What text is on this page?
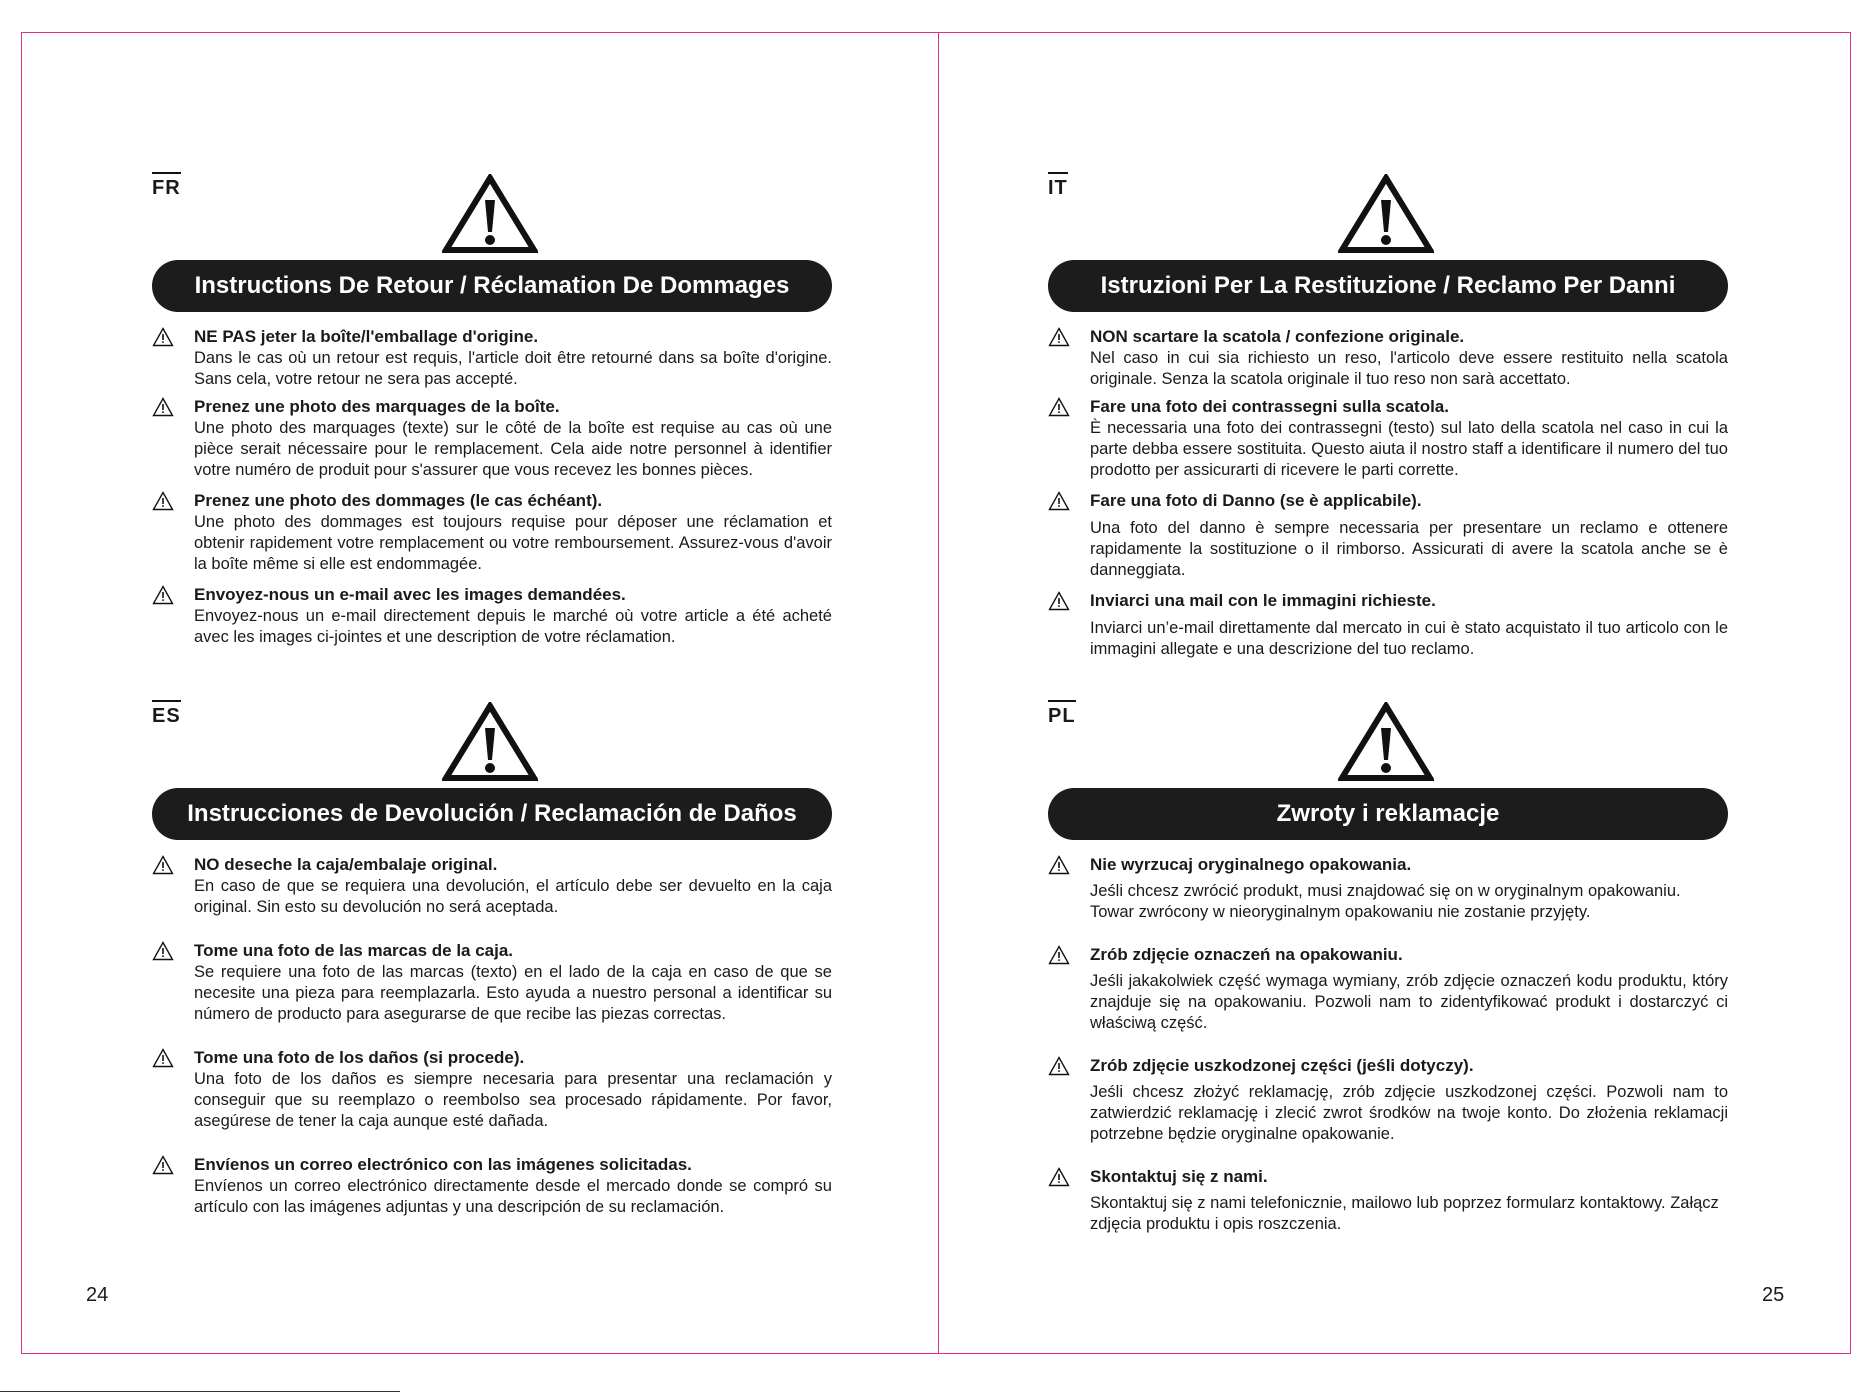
FR
Instructions De Retour / Réclamation De Dommages
NE PAS jeter la boîte/l'emballage d'origine.

Dans le cas où un retour est requis, l'article doit être retourné dans sa boîte d'origine. Sans cela, votre retour ne sera pas accepté.

Prenez une photo des marquages de la boîte.

Une photo des marquages (texte) sur le côté de la boîte est requise au cas où une pièce serait nécessaire pour le remplacement. Cela aide notre personnel à identifier votre numéro de produit pour s'assurer que vous recevez les bonnes pièces.

Prenez une photo des dommages (le cas échéant).

Une photo des dommages est toujours requise pour déposer une réclamation et obtenir rapidement votre remplacement ou votre remboursement. Assurez-vous d'avoir la boîte même si elle est endommagée.

Envoyez-nous un e-mail avec les images demandées.

Envoyez-nous un e-mail directement depuis le marché où votre article a été acheté avec les images ci-jointes et une description de votre réclamation.

ES
Instrucciones de Devolución / Reclamación de Daños
NO deseche la caja/embalaje original.

En caso de que se requiera una devolución, el artículo debe ser devuelto en la caja original. Sin esto su devolución no será aceptada.

Tome una foto de las marcas de la caja.

Se requiere una foto de las marcas (texto) en el lado de la caja en caso de que se necesite una pieza para reemplazarla. Esto ayuda a nuestro personal a identificar su número de producto para asegurarse de que recibe las piezas correctas.

Tome una foto de los daños (si procede).

Una foto de los daños es siempre necesaria para presentar una reclamación y conseguir que su reemplazo o reembolso sea procesado rápidamente. Por favor, asegúrese de tener la caja aunque esté dañada.

Envíenos un correo electrónico con las imágenes solicitadas.

Envíenos un correo electrónico directamente desde el mercado donde se compró su artículo con las imágenes adjuntas y una descripción de su reclamación.

IT
Istruzioni Per La Restituzione / Reclamo Per Danni
NON scartare la scatola / confezione originale.

Nel caso in cui sia richiesto un reso, l'articolo deve essere restituito nella scatola originale. Senza la scatola originale il tuo reso non sarà accettato.

Fare una foto dei contrassegni sulla scatola.

È necessaria una foto dei contrassegni (testo) sul lato della scatola nel caso in cui la parte debba essere sostituita. Questo aiuta il nostro staff a identificare il numero del tuo prodotto per assicurarti di ricevere le parti corrette.

Fare una foto di Danno (se è applicabile).

Una foto del danno è sempre necessaria per presentare un reclamo e ottenere rapidamente la sostituzione o il rimborso. Assicurati di avere la scatola anche se è danneggiata.

Inviarci una mail con le immagini richieste.

Inviarci un’e-mail direttamente dal mercato in cui è stato acquistato il tuo articolo con le immagini allegate e una descrizione del tuo reclamo.

PL
Zwroty i reklamacje
Nie wyrzucaj oryginalnego opakowania.

Jeśli chcesz zwrócić produkt, musi znajdować się on w oryginalnym opakowaniu. Towar zwrócony w nieoryginalnym opakowaniu nie zostanie przyjęty.

Zrób zdjęcie oznaczeń na opakowaniu.

Jeśli jakakolwiek część wymaga wymiany, zrób zdjęcie oznaczeń kodu produktu, który znajduje się na opakowaniu. Pozwoli nam to zidentyfikować produkt i dostarczyć ci właściwą część.

Zrób zdjęcie uszkodzonej części (jeśli dotyczy).

Jeśli chcesz złożyć reklamację, zrób zdjęcie uszkodzonej części. Pozwoli nam to zatwierdzić reklamację i zlecić zwrot środków na twoje konto. Do złożenia reklamacji potrzebne będzie oryginalne opakowanie.

Skontaktuj się z nami.

Skontaktuj się z nami telefonicznie, mailowo lub poprzez formularz kontaktowy. Załącz zdjęcia produktu i opis roszczenia.

24	25
